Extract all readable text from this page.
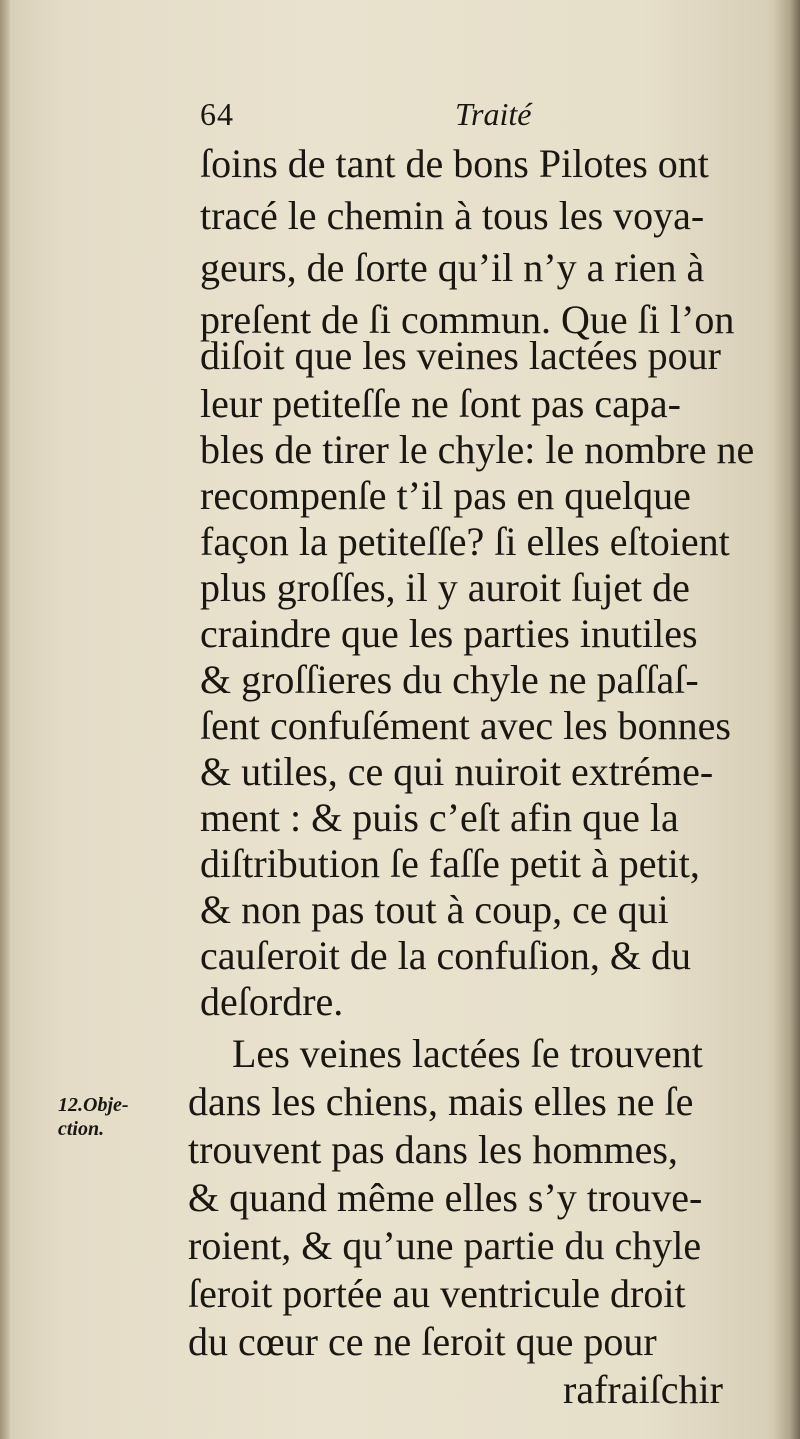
64	Traité
12.Obje-
ction.
ſoins de tant de bons Pilotes ont
tracé le chemin à tous les voya-
geurs, de ſorte qu’il n’y a rien à
preſent de ſi commun. Que ſi l’on
diſoit que les veines lactées pour
leur petiteſſe ne ſont pas capa-
bles de tirer le chyle: le nombre ne
recompenſe t’il pas en quelque
façon la petiteſſe? ſi elles eſtoient
plus groſſes, il y auroit ſujet de
craindre que les parties inutiles
& groſſieres du chyle ne paſſaſ-
ſent confuſément avec les bonnes
& utiles, ce qui nuiroit extréme-
ment : & puis c’eſt afin que la
diſtribution ſe faſſe petit à petit,
& non pas tout à coup, ce qui
cauſeroit de la confuſion, & du
deſordre.
Les veines lactées ſe trouvent
dans les chiens, mais elles ne ſe
trouvent pas dans les hommes,
& quand même elles s’y trouve-
roient, & qu’une partie du chyle
ſeroit portée au ventricule droit
du cœur ce ne ſeroit que pour
rafraiſchir
